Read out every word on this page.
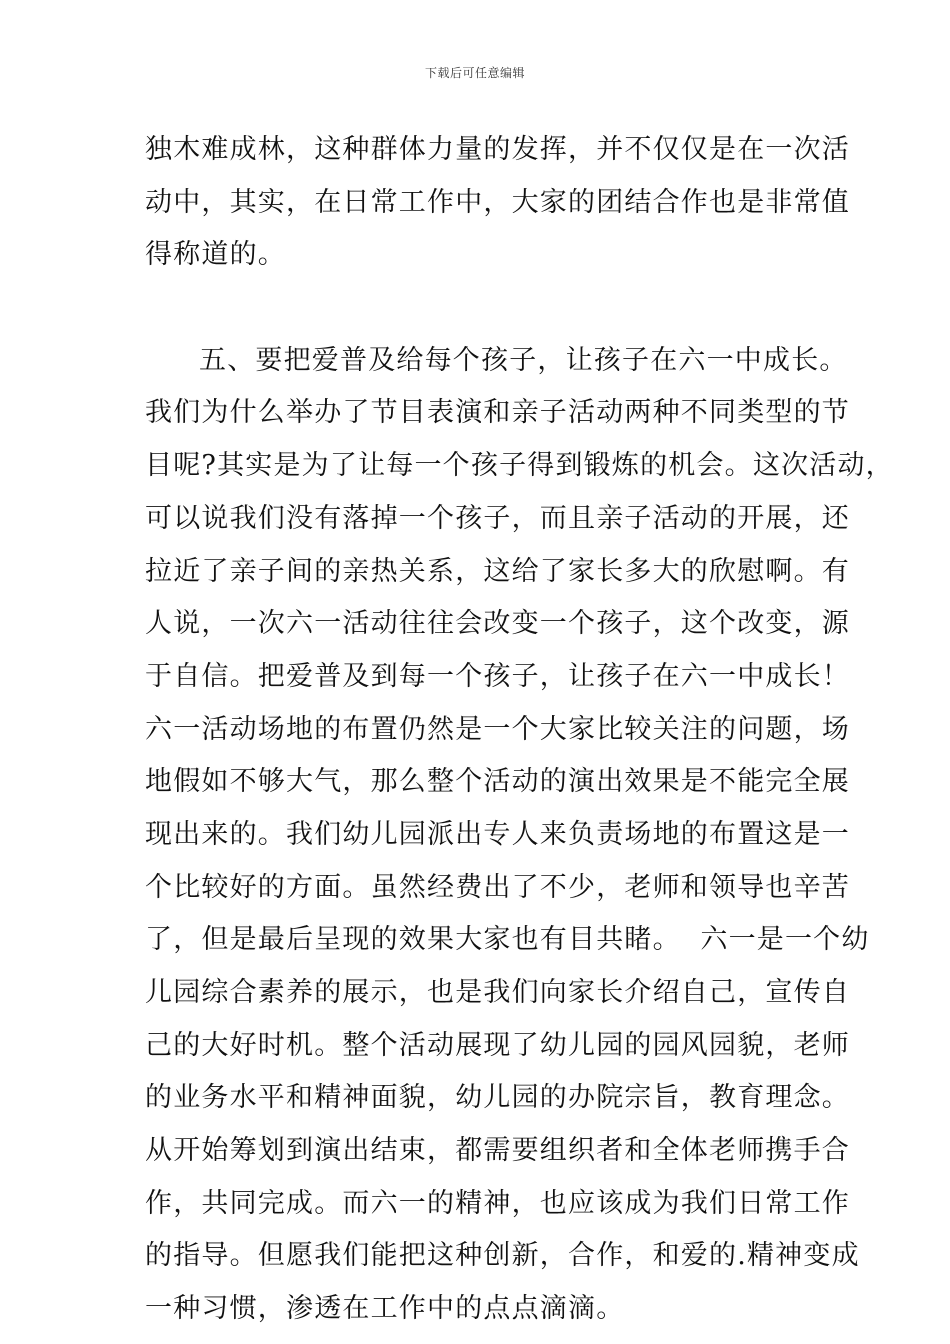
下载后可任意编辑
独木难成林，这种群体力量的发挥，并不仅仅是在一次活
动中，其实，在日常工作中，大家的团结合作也是非常值
得称道的。
五、要把爱普及给每个孩子，让孩子在六一中成长。
我们为什么举办了节目表演和亲子活动两种不同类型的节
目呢?其实是为了让每一个孩子得到锻炼的机会。这次活动，
可以说我们没有落掉一个孩子，而且亲子活动的开展，还
拉近了亲子间的亲热关系，这给了家长多大的欣慰啊。有
人说，一次六一活动往往会改变一个孩子，这个改变，源
于自信。把爱普及到每一个孩子，让孩子在六一中成长！
六一活动场地的布置仍然是一个大家比较关注的问题，场
地假如不够大气，那么整个活动的演出效果是不能完全展
现出来的。我们幼儿园派出专人来负责场地的布置这是一
个比较好的方面。虽然经费出了不少，老师和领导也辛苦
了，但是最后呈现的效果大家也有目共睹。  六一是一个幼
儿园综合素养的展示，也是我们向家长介绍自己，宣传自
己的大好时机。整个活动展现了幼儿园的园风园貌，老师
的业务水平和精神面貌，幼儿园的办院宗旨，教育理念。
从开始筹划到演出结束，都需要组织者和全体老师携手合
作，共同完成。而六一的精神，也应该成为我们日常工作
的指导。但愿我们能把这种创新，合作，和爱的.精神变成
一种习惯，渗透在工作中的点点滴滴。
